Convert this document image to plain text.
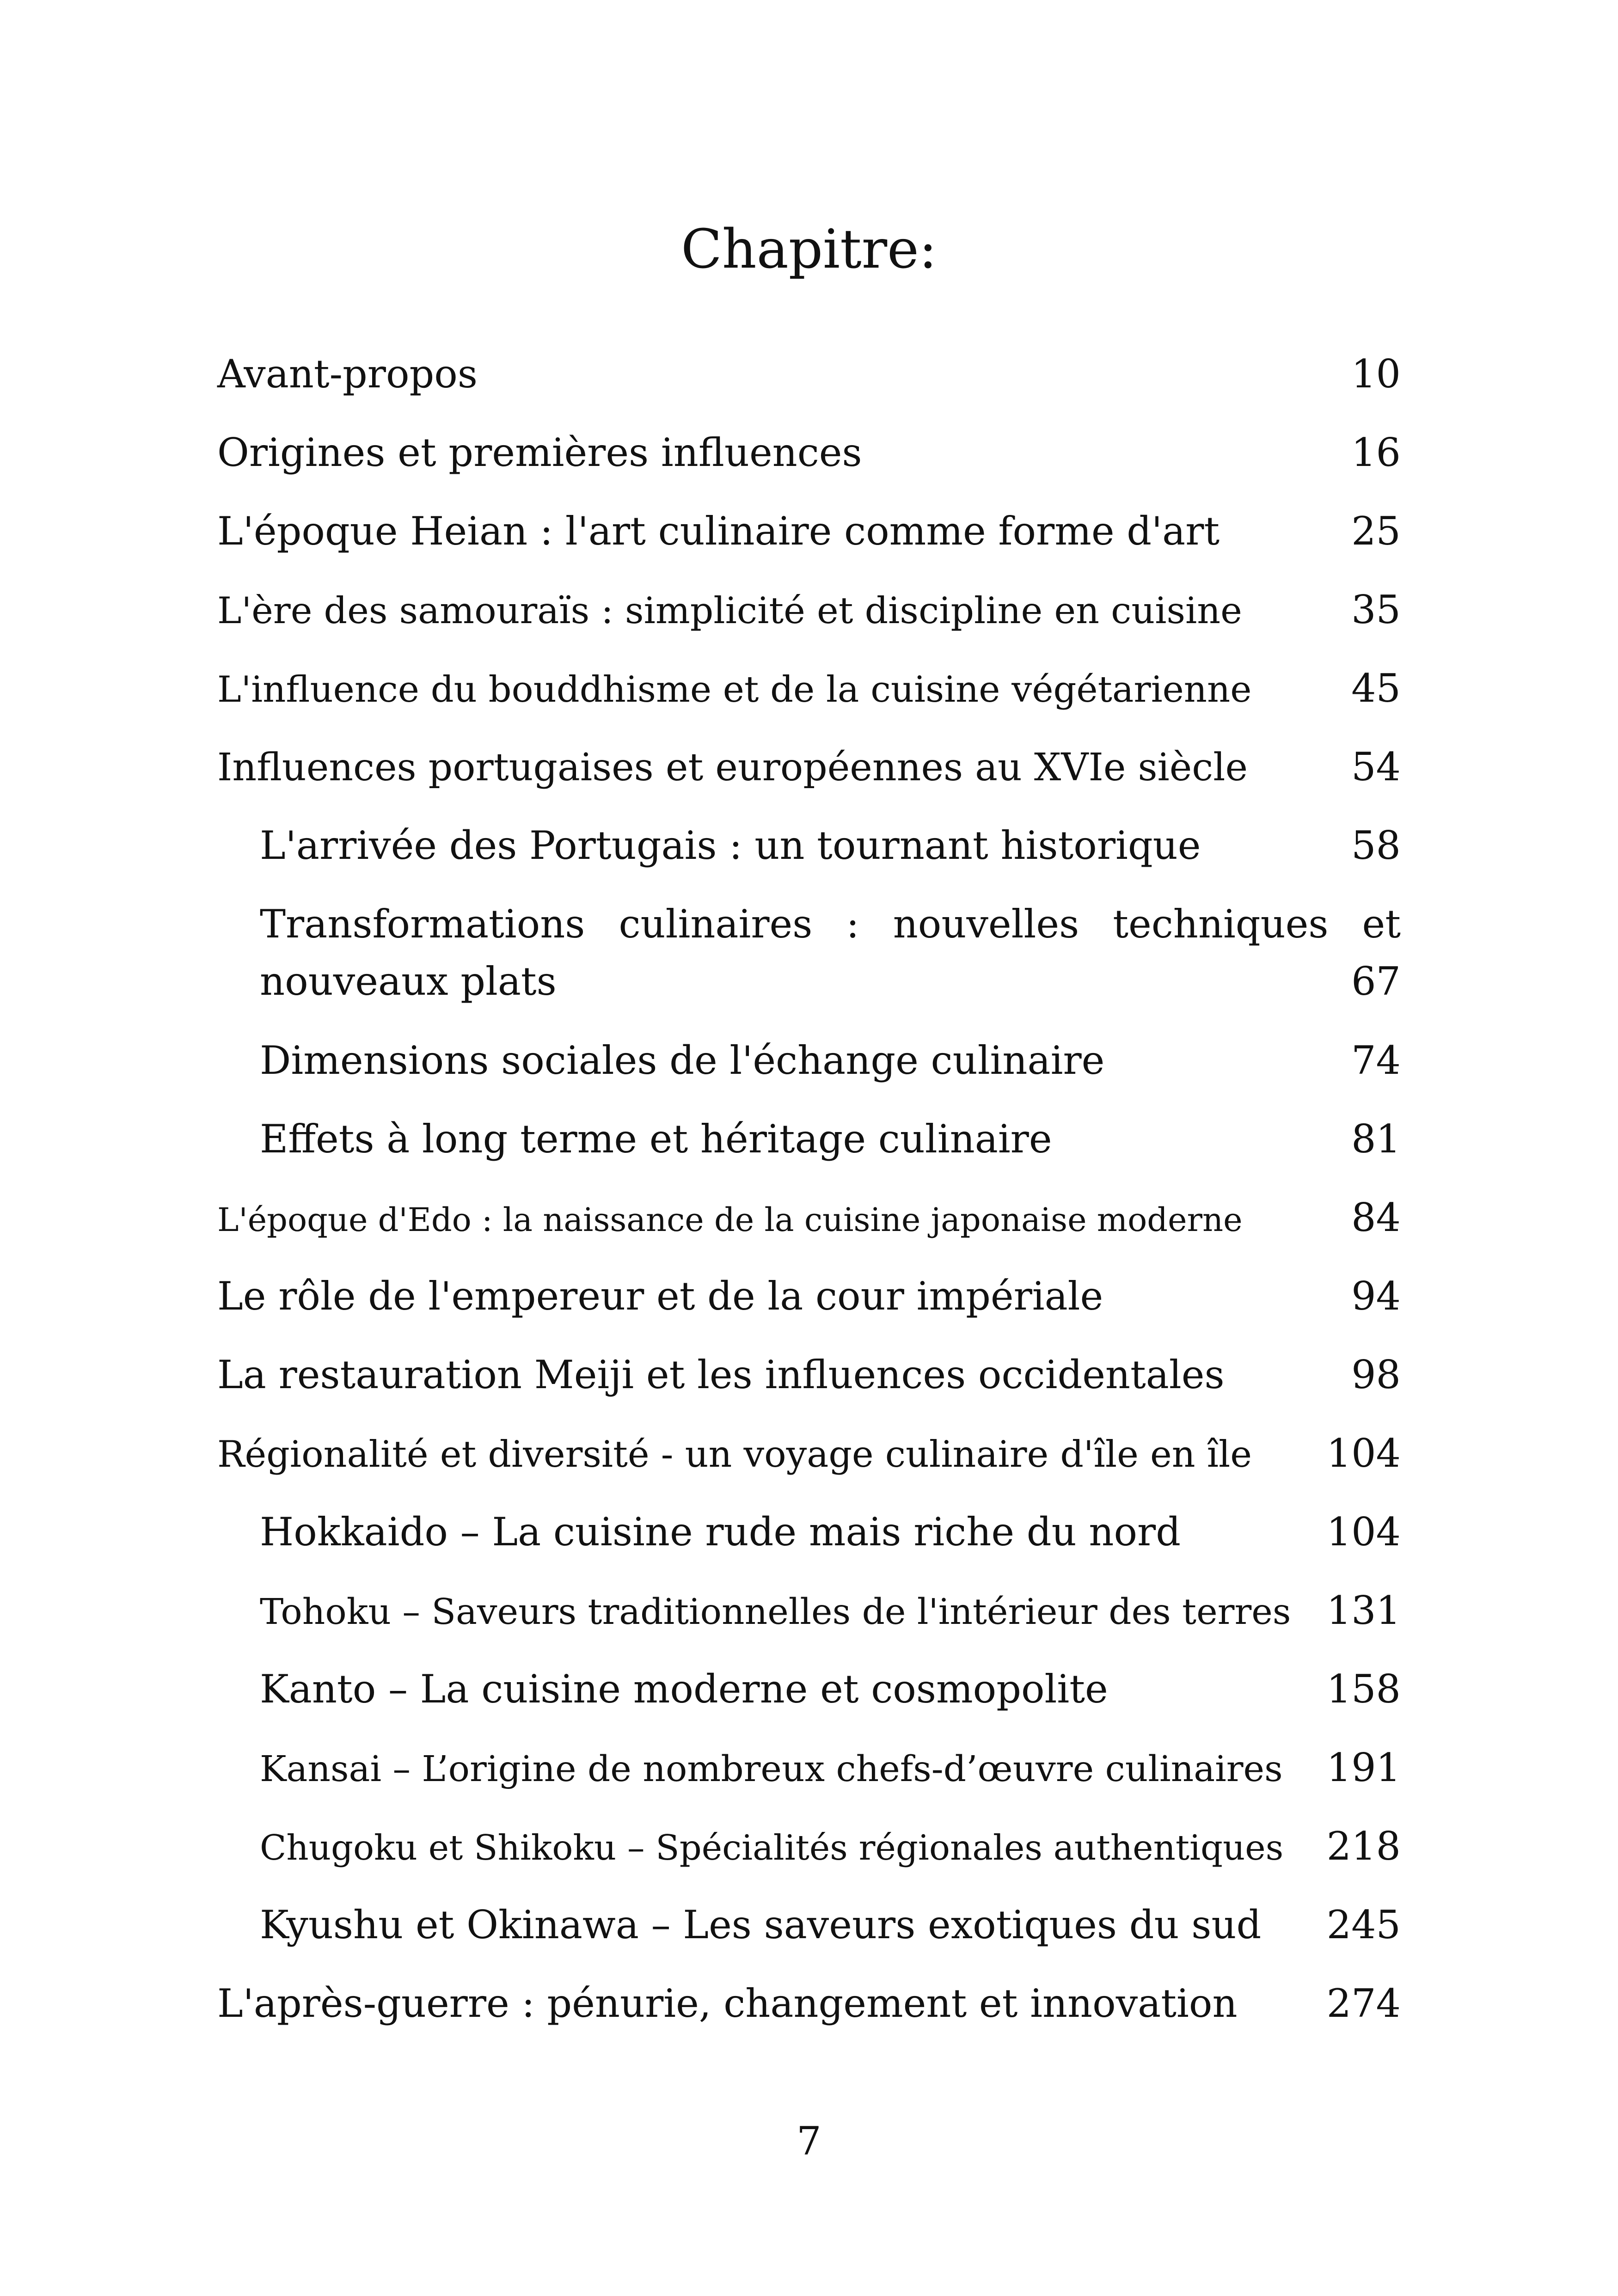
Chapitre:
Avant-propos	10
Origines et premières influences	16
L'époque Heian : l'art culinaire comme forme d'art	25
L'ère des samouraïs : simplicité et discipline en cuisine	35
L'influence du bouddhisme et de la cuisine végétarienne	45
Influences portugaises et européennes au XVIe siècle	54
L'arrivée des Portugais : un tournant historique	58
Transformations culinaires : nouvelles techniques et nouveaux plats	67
Dimensions sociales de l'échange culinaire	74
Effets à long terme et héritage culinaire	81
L'époque d'Edo : la naissance de la cuisine japonaise moderne	84
Le rôle de l'empereur et de la cour impériale	94
La restauration Meiji et les influences occidentales	98
Régionalité et diversité - un voyage culinaire d'île en île 104
Hokkaido – La cuisine rude mais riche du nord	104
Tohoku – Saveurs traditionnelles de l'intérieur des terres 131
Kanto – La cuisine moderne et cosmopolite	158
Kansai – L’origine de nombreux chefs-d’œuvre culinaires 191
Chugoku et Shikoku – Spécialités régionales authentiques 218
Kyushu et Okinawa – Les saveurs exotiques du sud 245
L'après-guerre : pénurie, changement et innovation 274
7
